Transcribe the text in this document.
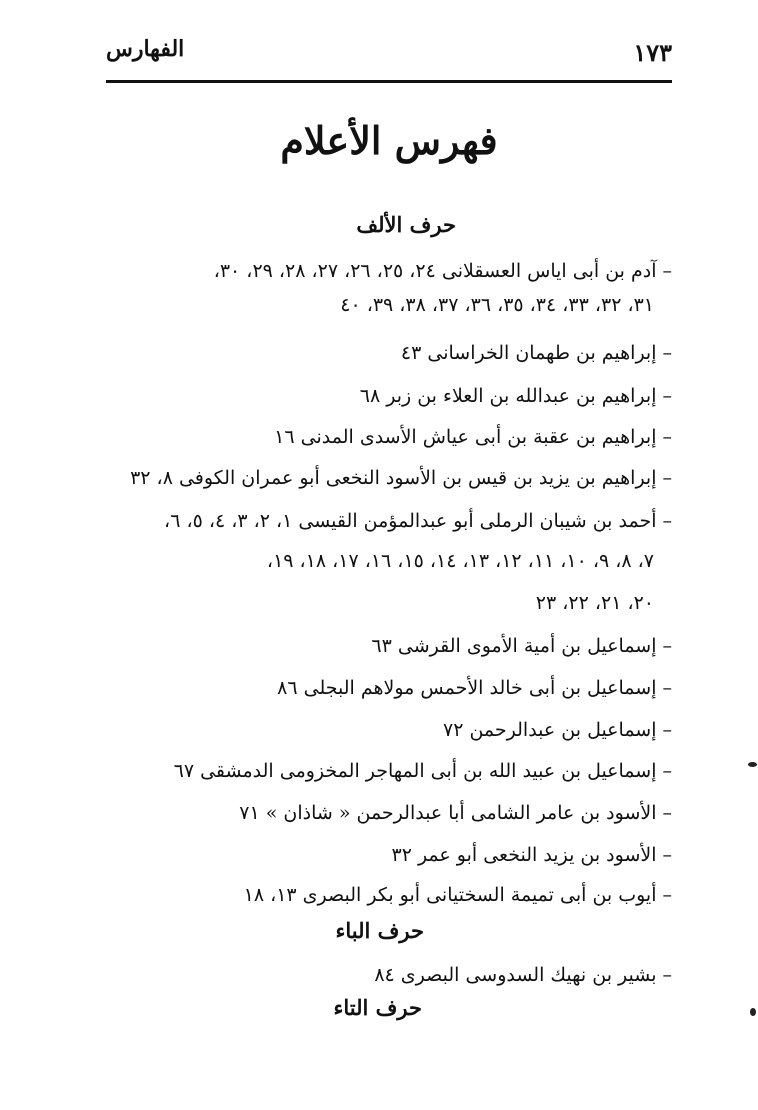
١٧٣
الفهارس
فهرس الأعلام
حرف الألف
–آدم بن أبى اياس العسقلانى ٢٤، ٢٥، ٢٦، ٢٧، ٢٨، ٢٩، ٣٠،
٣١، ٣٢، ٣٣، ٣٤، ٣٥، ٣٦، ٣٧، ٣٨، ٣٩، ٤٠
–إبراهيم بن طهمان الخراسانى ٤٣
–إبراهيم بن عبدالله بن العلاء بن زبر ٦٨
–إبراهيم بن عقبة بن أبى عياش الأسدى المدنى ١٦
–إبراهيم بن يزيد بن قيس بن الأسود النخعى أبو عمران الكوفى ٨، ٣٢
–أحمد بن شيبان الرملى أبو عبدالمؤمن القيسى ١، ٢، ٣، ٤، ٥، ٦،
٧، ٨، ٩، ١٠، ١١، ١٢، ١٣، ١٤، ١٥، ١٦، ١٧، ١٨، ١٩،
٢٠، ٢١، ٢٢، ٢٣
–إسماعيل بن أمية الأموى القرشى ٦٣
–إسماعيل بن أبى خالد الأحمس مولاهم البجلى ٨٦
–إسماعيل بن عبدالرحمن ٧٢
–إسماعيل بن عبيد الله بن أبى المهاجر المخزومى الدمشقى ٦٧
–الأسود بن عامر الشامى أبا عبدالرحمن « شاذان » ٧١
–الأسود بن يزيد النخعى أبو عمر ٣٢
–أيوب بن أبى تميمة السختيانى أبو بكر البصرى ١٣، ١٨
حرف الباء
–بشير بن نهيك السدوسى البصرى ٨٤
حرف التاء
